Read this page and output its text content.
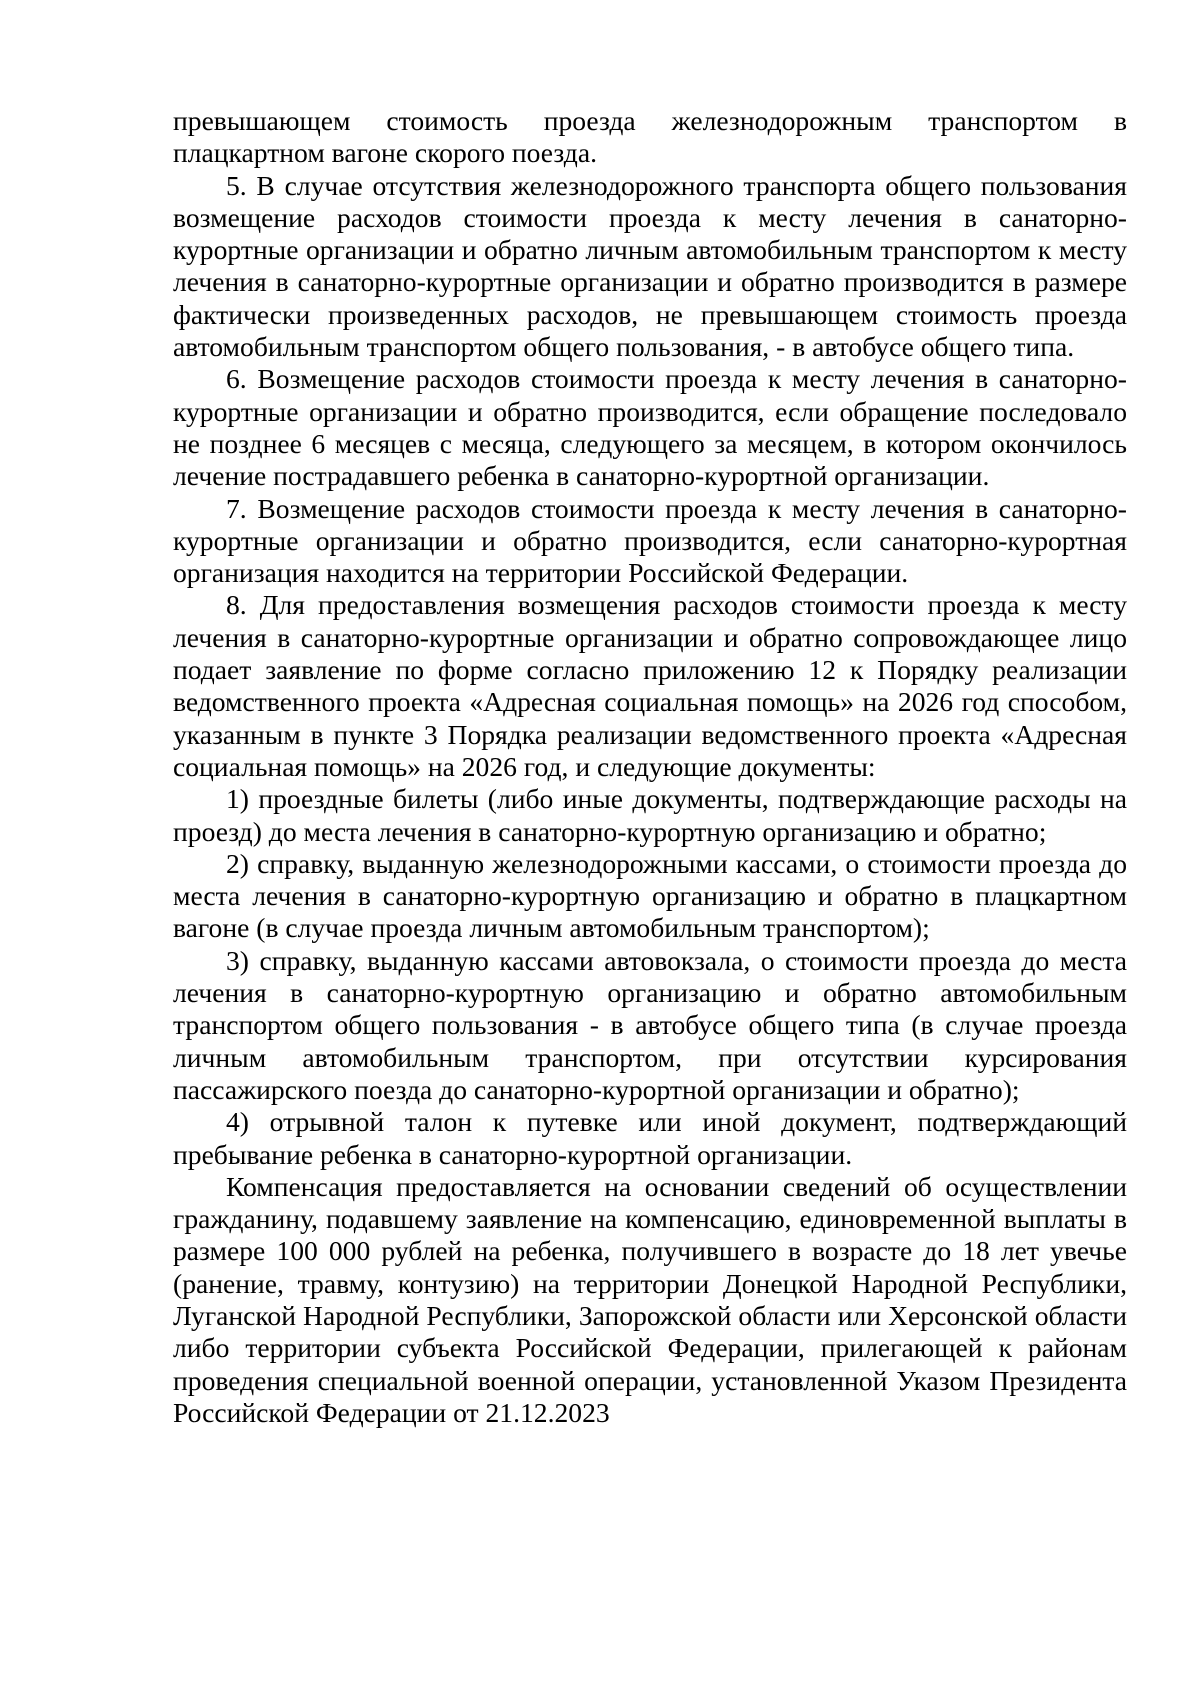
превышающем стоимость проезда железнодорожным транспортом в плацкартном вагоне скорого поезда.

5. В случае отсутствия железнодорожного транспорта общего пользования возмещение расходов стоимости проезда к месту лечения в санаторно-курортные организации и обратно личным автомобильным транспортом к месту лечения в санаторно-курортные организации и обратно производится в размере фактически произведенных расходов, не превышающем стоимость проезда автомобильным транспортом общего пользования, - в автобусе общего типа.

6. Возмещение расходов стоимости проезда к месту лечения в санаторно-курортные организации и обратно производится, если обращение последовало не позднее 6 месяцев с месяца, следующего за месяцем, в котором окончилось лечение пострадавшего ребенка в санаторно-курортной организации.

7. Возмещение расходов стоимости проезда к месту лечения в санаторно-курортные организации и обратно производится, если санаторно-курортная организация находится на территории Российской Федерации.

8. Для предоставления возмещения расходов стоимости проезда к месту лечения в санаторно-курортные организации и обратно сопровождающее лицо подает заявление по форме согласно приложению 12 к Порядку реализации ведомственного проекта «Адресная социальная помощь» на 2026 год способом, указанным в пункте 3 Порядка реализации ведомственного проекта «Адресная социальная помощь» на 2026 год, и следующие документы:

1) проездные билеты (либо иные документы, подтверждающие расходы на проезд) до места лечения в санаторно-курортную организацию и обратно;

2) справку, выданную железнодорожными кассами, о стоимости проезда до места лечения в санаторно-курортную организацию и обратно в плацкартном вагоне (в случае проезда личным автомобильным транспортом);

3) справку, выданную кассами автовокзала, о стоимости проезда до места лечения в санаторно-курортную организацию и обратно автомобильным транспортом общего пользования - в автобусе общего типа (в случае проезда личным автомобильным транспортом, при отсутствии курсирования пассажирского поезда до санаторно-курортной организации и обратно);

4) отрывной талон к путевке или иной документ, подтверждающий пребывание ребенка в санаторно-курортной организации.

Компенсация предоставляется на основании сведений об осуществлении гражданину, подавшему заявление на компенсацию, единовременной выплаты в размере 100 000 рублей на ребенка, получившего в возрасте до 18 лет увечье (ранение, травму, контузию) на территории Донецкой Народной Республики, Луганской Народной Республики, Запорожской области или Херсонской области либо территории субъекта Российской Федерации, прилегающей к районам проведения специальной военной операции, установленной Указом Президента Российской Федерации от 21.12.2023
